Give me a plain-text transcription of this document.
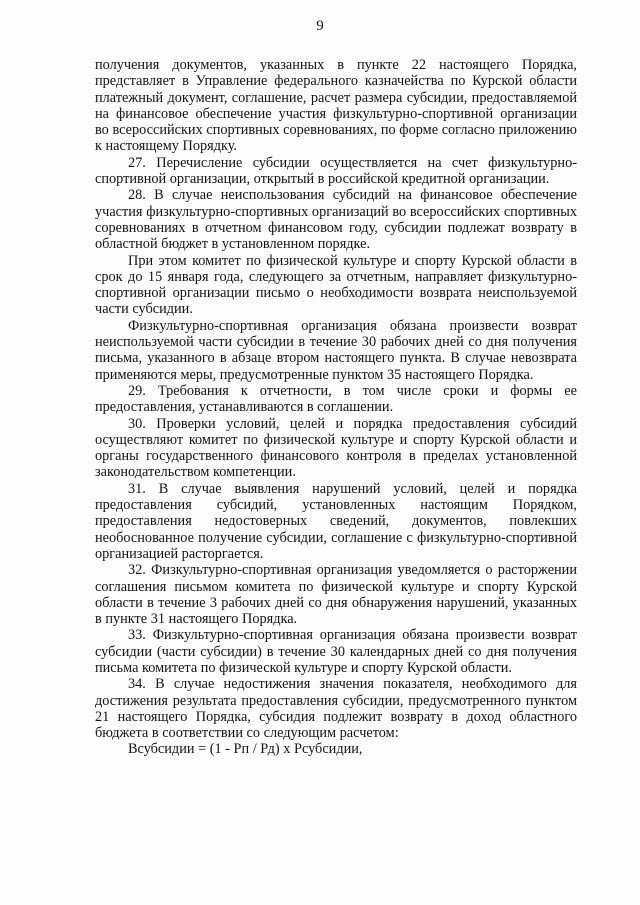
9

получения документов, указанных в пункте 22 настоящего Порядка, представляет в Управление федерального казначейства по Курской области платежный документ, соглашение, расчет размера субсидии, предоставляемой на финансовое обеспечение участия физкультурно-спортивной организации во всероссийских спортивных соревнованиях, по форме согласно приложению к настоящему Порядку.

27. Перечисление субсидии осуществляется на счет физкультурно-спортивной организации, открытый в российской кредитной организации.

28. В случае неиспользования субсидий на финансовое обеспечение участия физкультурно-спортивных организаций во всероссийских спортивных соревнованиях в отчетном финансовом году, субсидии подлежат возврату в областной бюджет в установленном порядке.

При этом комитет по физической культуре и спорту Курской области в срок до 15 января года, следующего за отчетным, направляет физкультурно-спортивной организации письмо о необходимости возврата неиспользуемой части субсидии.

Физкультурно-спортивная организация обязана произвести возврат неиспользуемой части субсидии в течение 30 рабочих дней со дня получения письма, указанного в абзаце втором настоящего пункта. В случае невозврата применяются меры, предусмотренные пунктом 35 настоящего Порядка.

29. Требования к отчетности, в том числе сроки и формы ее предоставления, устанавливаются в соглашении.

30. Проверки условий, целей и порядка предоставления субсидий осуществляют комитет по физической культуре и спорту Курской области и органы государственного финансового контроля в пределах установленной законодательством компетенции.

31. В случае выявления нарушений условий, целей и порядка предоставления субсидий, установленных настоящим Порядком, предоставления недостоверных сведений, документов, повлекших необоснованное получение субсидии, соглашение с физкультурно-спортивной организацией расторгается.

32. Физкультурно-спортивная организация уведомляется о расторжении соглашения письмом комитета по физической культуре и спорту Курской области в течение 3 рабочих дней со дня обнаружения нарушений, указанных в пункте 31 настоящего Порядка.

33. Физкультурно-спортивная организация обязана произвести возврат субсидии (части субсидии) в течение 30 календарных дней со дня получения письма комитета по физической культуре и спорту Курской области.

34. В случае недостижения значения показателя, необходимого для достижения результата предоставления субсидии, предусмотренного пунктом 21 настоящего Порядка, субсидия подлежит возврату в доход областного бюджета в соответствии со следующим расчетом:

Всубсидии = (1 - Рп / Рд) х Рсубсидии,
